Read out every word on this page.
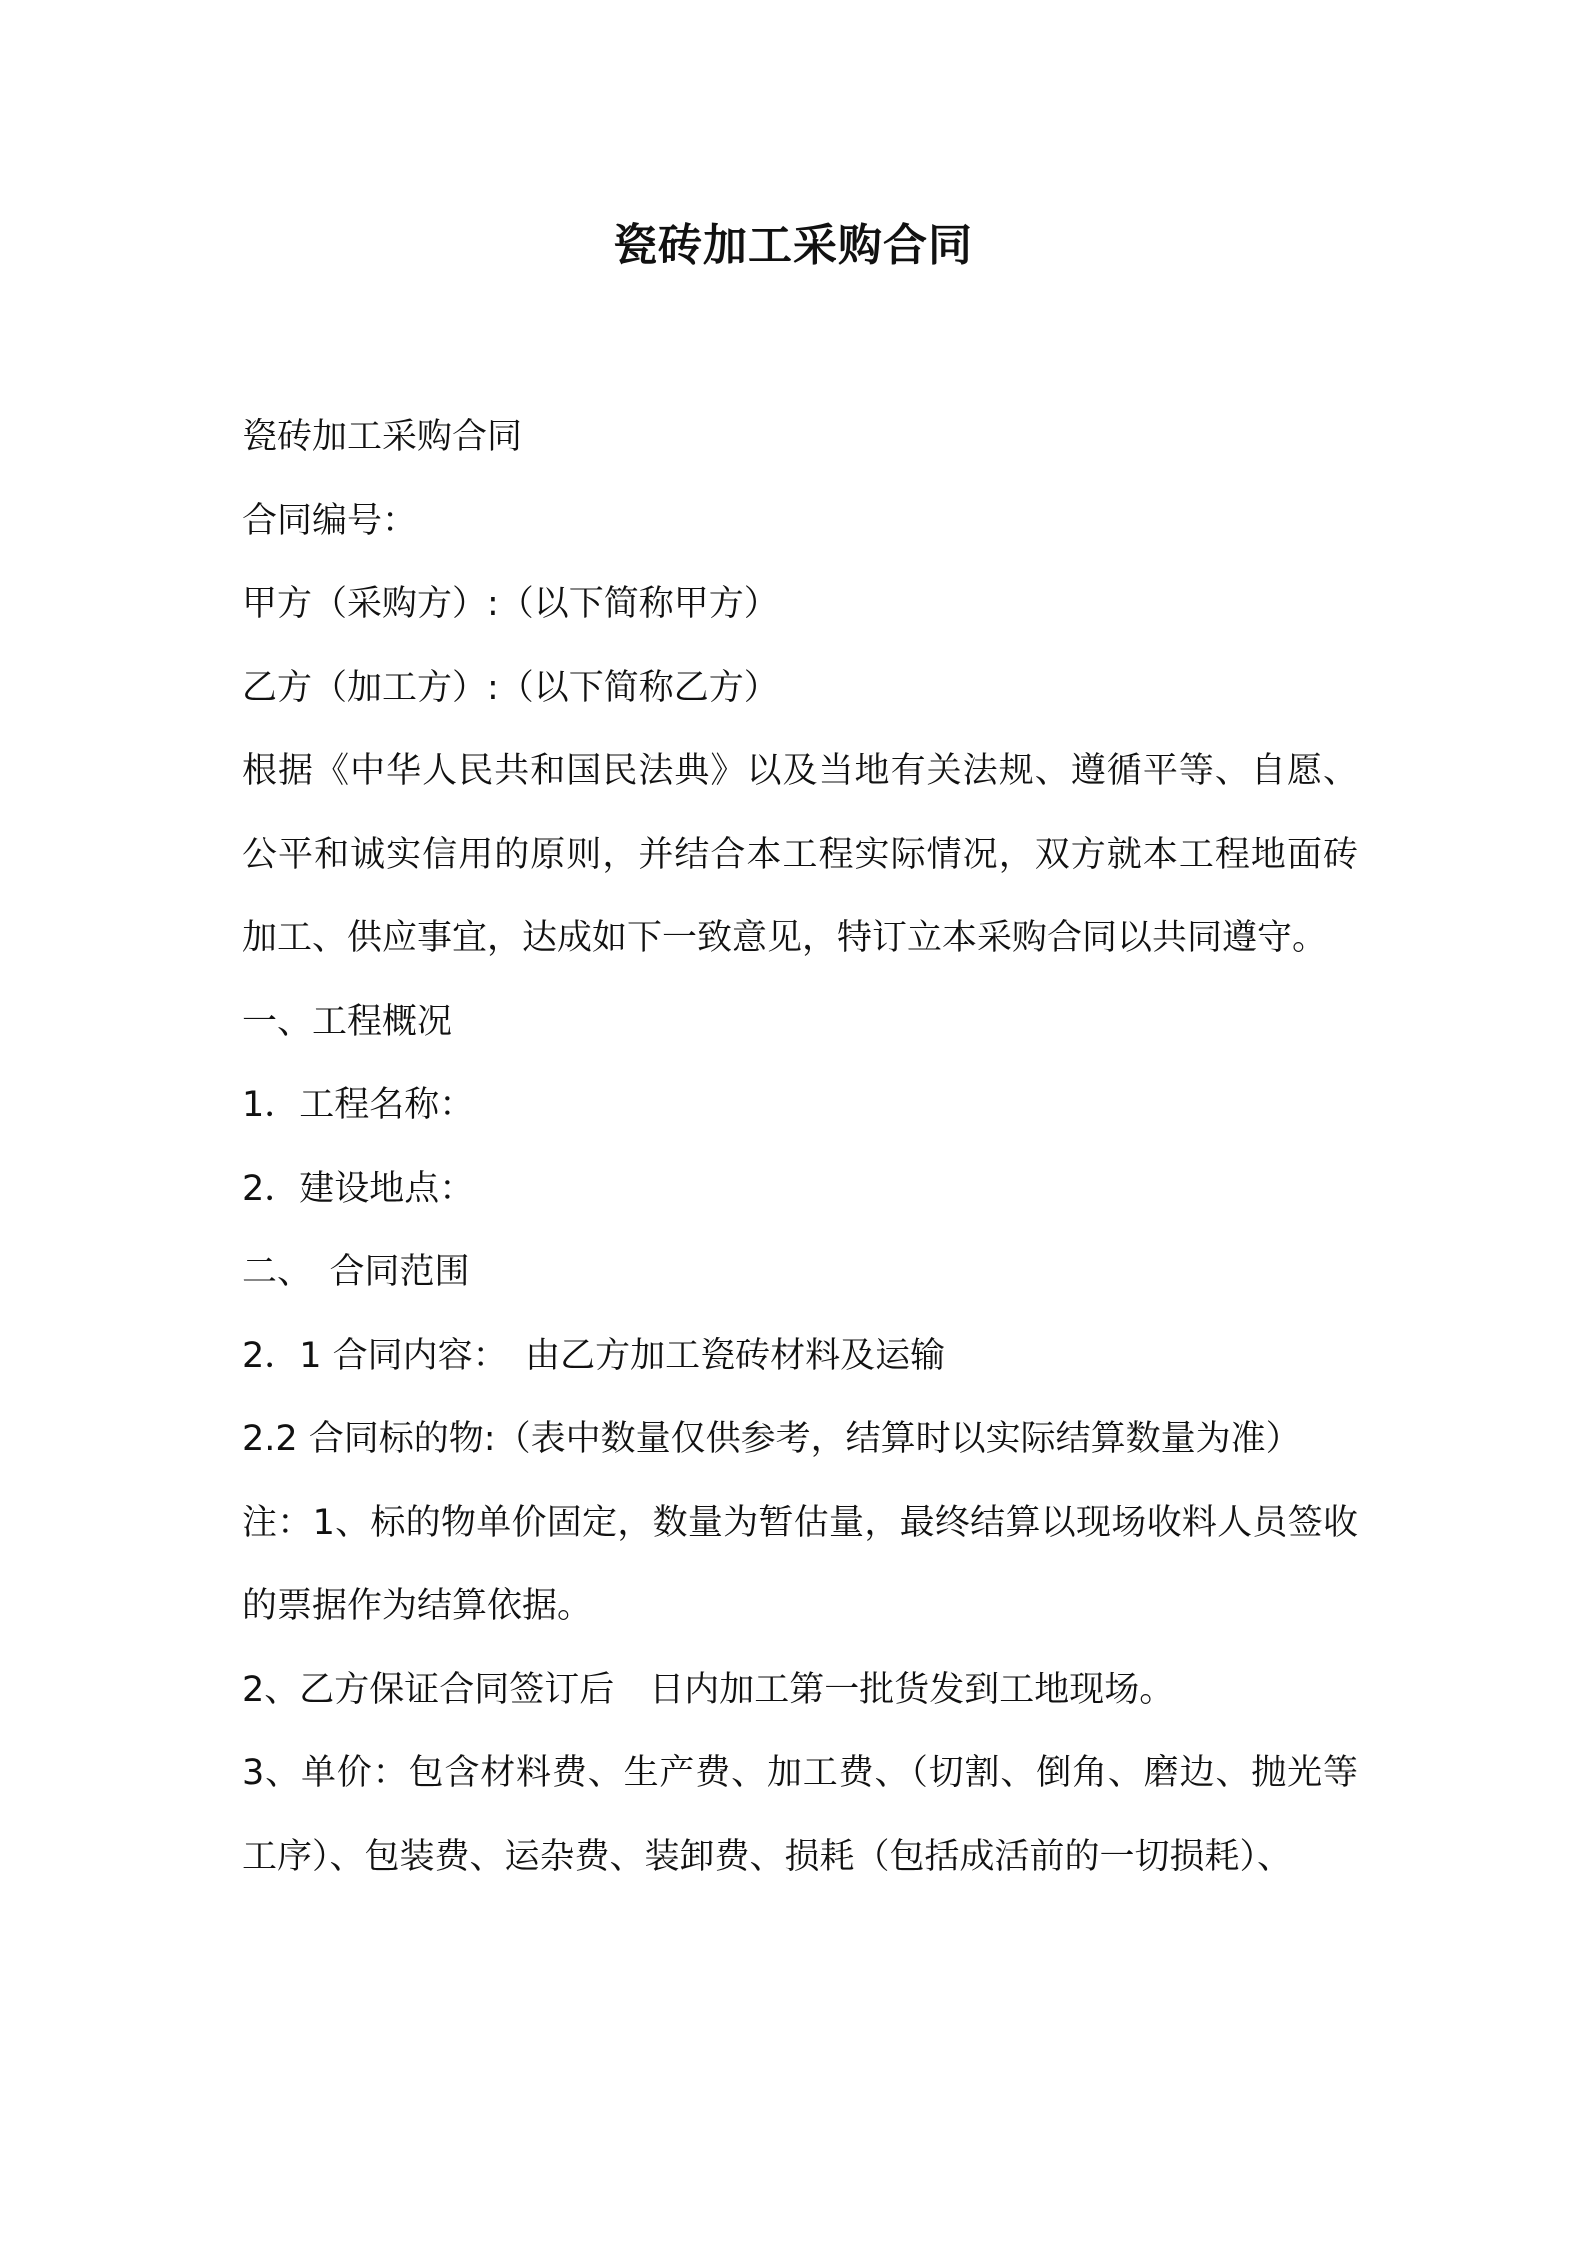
瓷砖加工采购合同
瓷砖加工采购合同
合同编号：
甲方（采购方）:（以下简称甲方）
乙方（加工方）:（以下简称乙方）
根据《中华人民共和国民法典》以及当地有关法规、遵循平等、自愿、公平和诚实信用的原则，并结合本工程实际情况，双方就本工程地面砖加工、供应事宜，达成如下一致意见，特订立本采购合同以共同遵守。
一、工程概况
1．工程名称：
2．建设地点：
二、　合同范围
2．1 合同内容：　由乙方加工瓷砖材料及运输
2.2 合同标的物:（表中数量仅供参考，结算时以实际结算数量为准）
注：1、标的物单价固定，数量为暂估量，最终结算以现场收料人员签收的票据作为结算依据。
2、乙方保证合同签订后　日内加工第一批货发到工地现场。
3、单价：包含材料费、生产费、加工费、（切割、倒角、磨边、抛光等工序）、包装费、运杂费、装卸费、损耗（包括成活前的一切损耗）、
